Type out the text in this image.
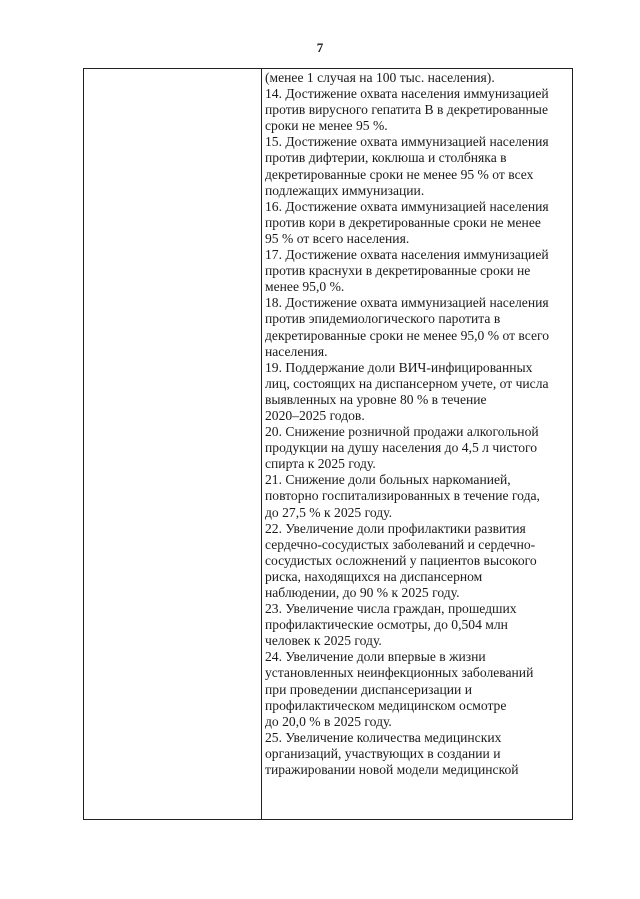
7
(менее 1 случая на 100 тыс. населения).
14. Достижение охвата населения иммунизацией
против вирусного гепатита В в декретированные
сроки не менее 95 %.
15. Достижение охвата иммунизацией населения
против дифтерии, коклюша и столбняка в
декретированные сроки не менее 95 % от всех
подлежащих иммунизации.
16. Достижение охвата иммунизацией населения
против кори в декретированные сроки не менее
95 % от всего населения.
17. Достижение охвата населения иммунизацией
против краснухи в декретированные сроки не
менее 95,0 %.
18. Достижение охвата иммунизацией населения
против эпидемиологического паротита в
декретированные сроки не менее 95,0 % от всего
населения.
19. Поддержание доли ВИЧ-инфицированных
лиц, состоящих на диспансерном учете, от числа
выявленных на уровне 80 % в течение
2020–2025 годов.
20. Снижение розничной продажи алкогольной
продукции на душу населения до 4,5 л чистого
спирта к 2025 году.
21. Снижение доли больных наркоманией,
повторно госпитализированных в течение года,
до 27,5 % к 2025 году.
22. Увеличение доли профилактики развития
сердечно-сосудистых заболеваний и сердечно-
сосудистых осложнений у пациентов высокого
риска, находящихся на диспансерном
наблюдении, до 90 % к 2025 году.
23. Увеличение числа граждан, прошедших
профилактические осмотры, до 0,504 млн
человек к 2025 году.
24. Увеличение доли впервые в жизни
установленных неинфекционных заболеваний
при проведении диспансеризации и
профилактическом медицинском осмотре
до 20,0 % в 2025 году.
25. Увеличение количества медицинских
организаций, участвующих в создании и
тиражировании новой модели медицинской
